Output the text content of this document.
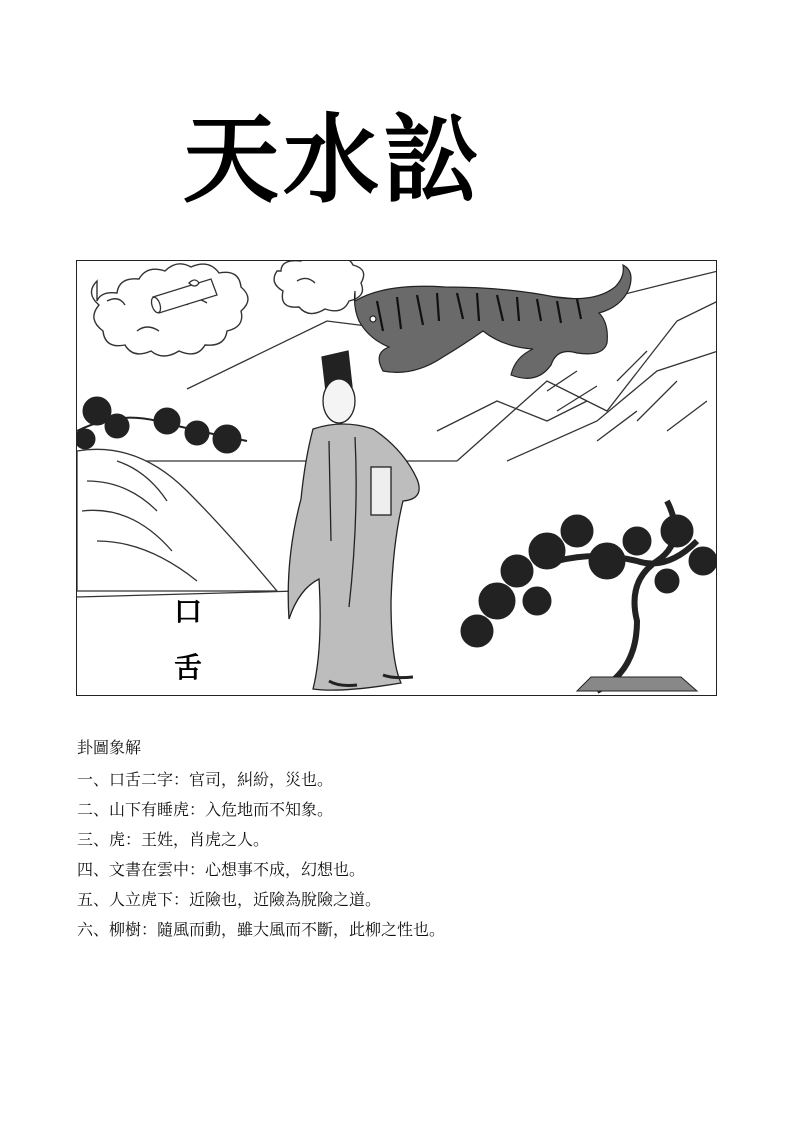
天水訟
口
舌
卦圖象解
一、口舌二字：官司，糾紛，災也。
二、山下有睡虎：入危地而不知象。
三、虎：王姓，肖虎之人。
四、文書在雲中：心想事不成，幻想也。
五、人立虎下：近險也，近險為脫險之道。
六、柳樹：隨風而動，雖大風而不斷，此柳之性也。
